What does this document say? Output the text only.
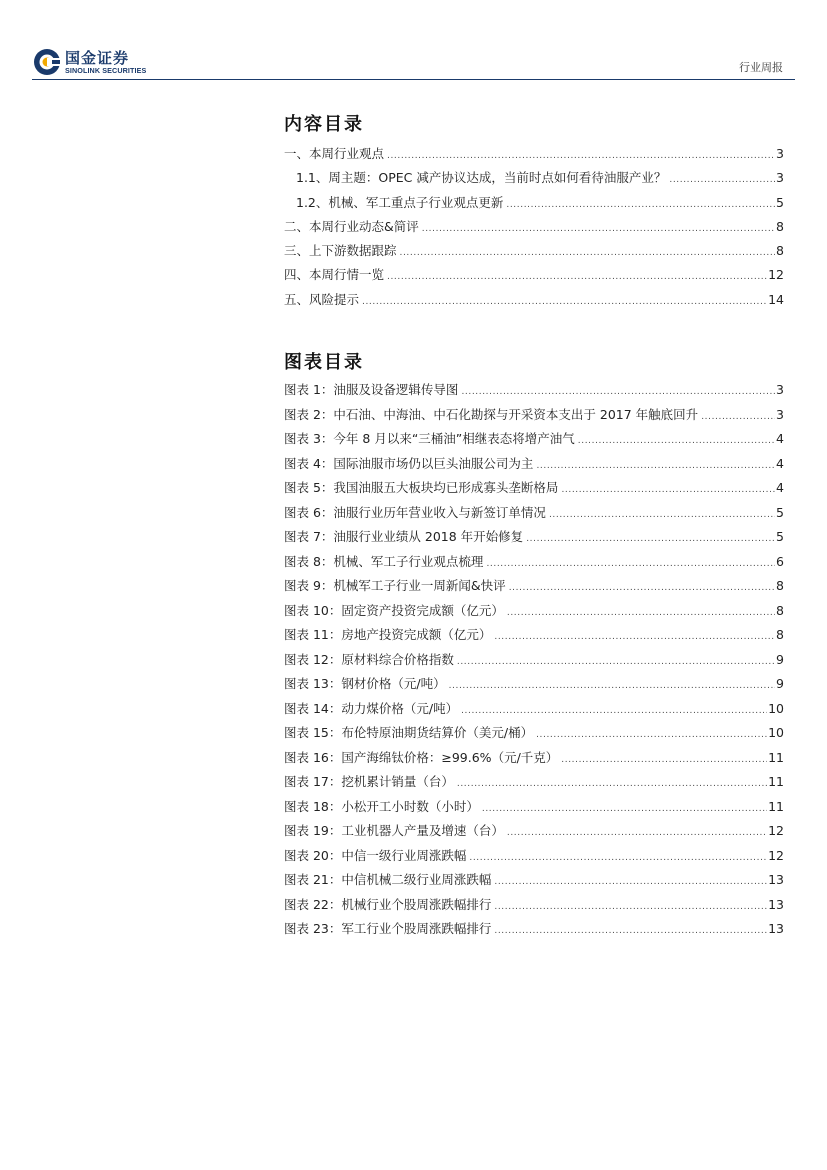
国金证券
SINOLINK SECURITIES	行业周报
内容目录
一、本周行业观点 .....	3
1.1、周主题：OPEC 减产协议达成，当前时点如何看待油服产业？ .....	3
1.2、机械、军工重点子行业观点更新 .....	5
二、本周行业动态&简评 .....	8
三、上下游数据跟踪 .....	8
四、本周行情一览 .....	12
五、风险提示 .....	14
图表目录
图表 1：油服及设备逻辑传导图 .....	3
图表 2：中石油、中海油、中石化勘探与开采资本支出于 2017 年触底回升 .....	3
图表 3：今年 8 月以来“三桶油”相继表态将增产油气 .....	4
图表 4：国际油服市场仍以巨头油服公司为主 .....	4
图表 5：我国油服五大板块均已形成寡头垄断格局 .....	4
图表 6：油服行业历年营业收入与新签订单情况 .....	5
图表 7：油服行业业绩从 2018 年开始修复 .....	5
图表 8：机械、军工子行业观点梳理 .....	6
图表 9：机械军工子行业一周新闻&快评 .....	8
图表 10：固定资产投资完成额（亿元） .....	8
图表 11：房地产投资完成额（亿元） .....	8
图表 12：原材料综合价格指数 .....	9
图表 13：钢材价格（元/吨） .....	9
图表 14：动力煤价格（元/吨） .....	10
图表 15：布伦特原油期货结算价（美元/桶） .....	10
图表 16：国产海绵钛价格：≥99.6%（元/千克） .....	11
图表 17：挖机累计销量（台） .....	11
图表 18：小松开工小时数（小时） .....	11
图表 19：工业机器人产量及增速（台） .....	12
图表 20：中信一级行业周涨跌幅 .....	12
图表 21：中信机械二级行业周涨跌幅 .....	13
图表 22：机械行业个股周涨跌幅排行 .....	13
图表 23：军工行业个股周涨跌幅排行 .....	13
